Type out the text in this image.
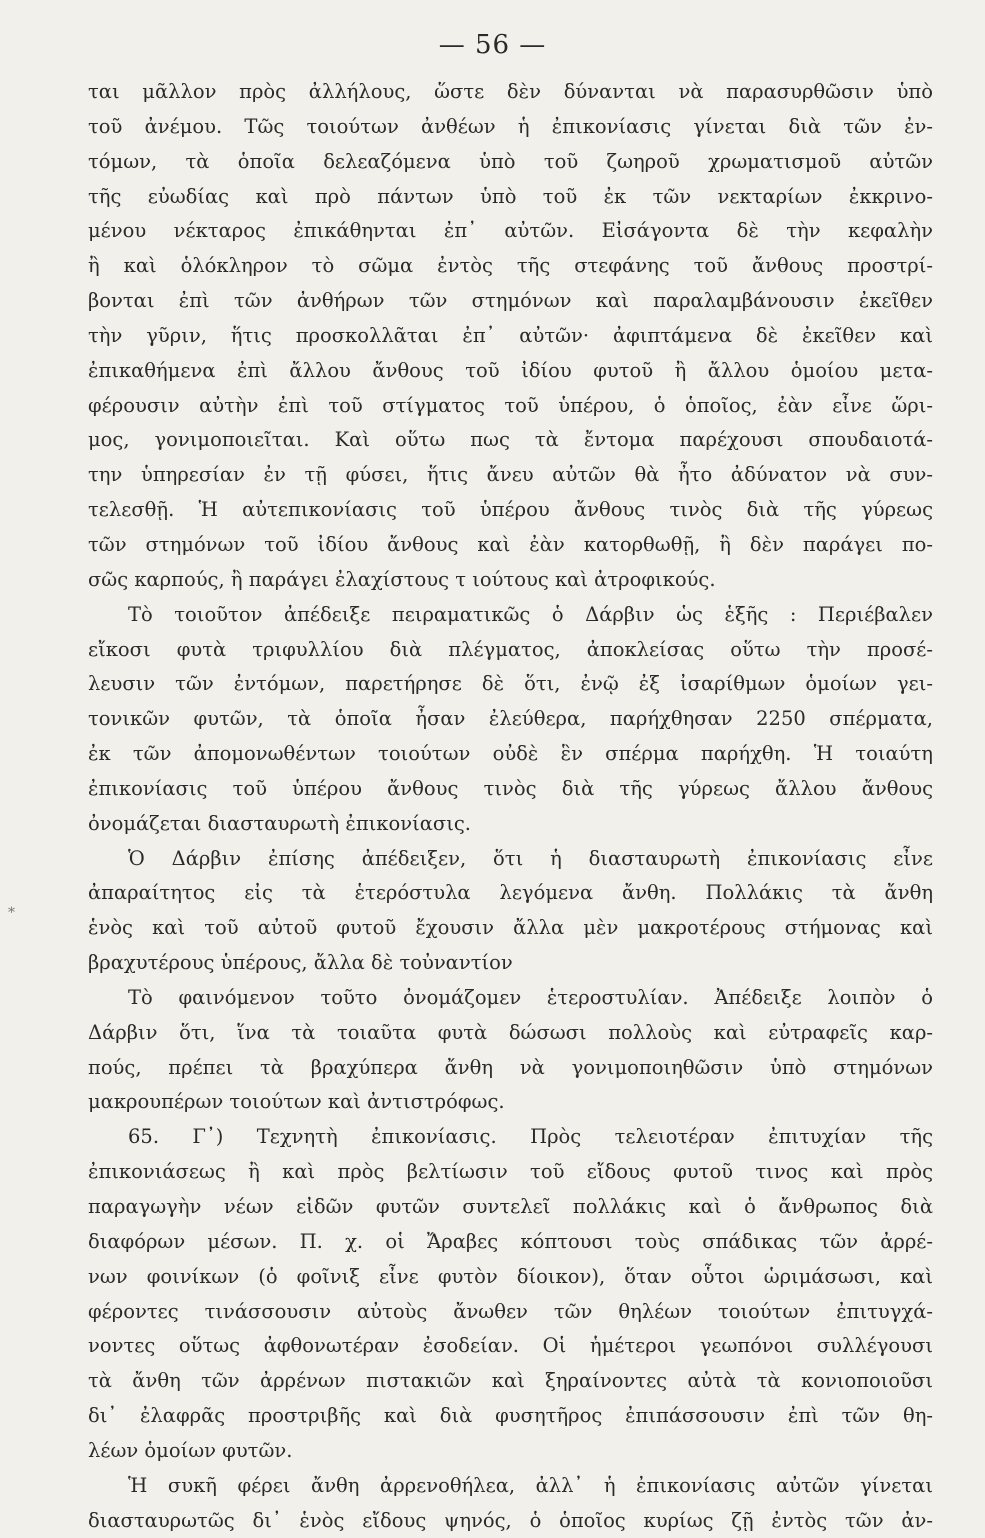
— 56 —
*
ται μᾶλλον πρὸς ἀλλήλους, ὥστε δὲν δύνανται νὰ παρασυρθῶσιν ὑπὸ
τοῦ ἀνέμου. Τῶς τοιούτων ἀνθέων ἡ ἐπικονίασις γίνεται διὰ τῶν ἐν-
τόμων, τὰ ὁποῖα δελεαζόμενα ὑπὸ τοῦ ζωηροῦ χρωματισμοῦ αὐτῶν
τῆς εὐωδίας καὶ πρὸ πάντων ὑπὸ τοῦ ἐκ τῶν νεκταρίων ἐκκρινο-
μένου νέκταρος ἐπικάθηνται ἐπ᾽ αὐτῶν. Εἰσάγοντα δὲ τὴν κεφαλὴν
ἢ καὶ ὁλόκληρον τὸ σῶμα ἐντὸς τῆς στεφάνης τοῦ ἄνθους προστρί-
βονται ἐπὶ τῶν ἀνθήρων τῶν στημόνων καὶ παραλαμβάνουσιν ἐκεῖθεν
τὴν γῦριν, ἥτις προσκολλᾶται ἐπ᾽ αὐτῶν· ἀφιπτάμενα δὲ ἐκεῖθεν καὶ
ἐπικαθήμενα ἐπὶ ἄλλου ἄνθους τοῦ ἰδίου φυτοῦ ἢ ἄλλου ὁμοίου μετα-
φέρουσιν αὐτὴν ἐπὶ τοῦ στίγματος τοῦ ὑπέρου, ὁ ὁποῖος, ἐὰν εἶνε ὥρι-
μος, γονιμοποιεῖται. Καὶ οὕτω πως τὰ ἔντομα παρέχουσι σπουδαιοτά-
την ὑπηρεσίαν ἐν τῇ φύσει, ἥτις ἄνευ αὐτῶν θὰ ἦτο ἀδύνατον νὰ συν-
τελεσθῇ. Ἡ αὐτεπικονίασις τοῦ ὑπέρου ἄνθους τινὸς διὰ τῆς γύρεως
τῶν στημόνων τοῦ ἰδίου ἄνθους καὶ ἐὰν κατορθωθῇ, ἢ δὲν παράγει πο-
σῶς καρπούς, ἢ παράγει ἐλαχίστους τ ιούτους καὶ ἀτροφικούς.
Τὸ τοιοῦτον ἀπέδειξε πειραματικῶς ὁ Δάρβιν ὡς ἑξῆς : Περιέβαλεν
εἴκοσι φυτὰ τριφυλλίου διὰ πλέγματος, ἀποκλείσας οὕτω τὴν προσέ-
λευσιν τῶν ἐντόμων, παρετήρησε δὲ ὅτι, ἐνῷ ἐξ ἰσαρίθμων ὁμοίων γει-
τονικῶν φυτῶν, τὰ ὁποῖα ἦσαν ἐλεύθερα, παρήχθησαν 2250 σπέρματα,
ἐκ τῶν ἀπομονωθέντων τοιούτων οὐδὲ ἓν σπέρμα παρήχθη. Ἡ τοιαύτη
ἐπικονίασις τοῦ ὑπέρου ἄνθους τινὸς διὰ τῆς γύρεως ἄλλου ἄνθους
ὀνομάζεται διασταυρωτὴ ἐπικονίασις.
Ὁ Δάρβιν ἐπίσης ἀπέδειξεν, ὅτι ἡ διασταυρωτὴ ἐπικονίασις εἶνε
ἀπαραίτητος εἰς τὰ ἑτερόστυλα λεγόμενα ἄνθη. Πολλάκις τὰ ἄνθη
ἑνὸς καὶ τοῦ αὐτοῦ φυτοῦ ἔχουσιν ἄλλα μὲν μακροτέρους στήμονας καὶ
βραχυτέρους ὑπέρους, ἄλλα δὲ τοὐναντίον
Τὸ φαινόμενον τοῦτο ὀνομάζομεν ἑτεροστυλίαν. Ἀπέδειξε λοιπὸν ὁ
Δάρβιν ὅτι, ἵνα τὰ τοιαῦτα φυτὰ δώσωσι πολλοὺς καὶ εὐτραφεῖς καρ-
πούς, πρέπει τὰ βραχύπερα ἄνθη νὰ γονιμοποιηθῶσιν ὑπὸ στημόνων
μακρουπέρων τοιούτων καὶ ἀντιστρόφως.
65. Γ᾽) Τεχνητὴ ἐπικονίασις. Πρὸς τελειοτέραν ἐπιτυχίαν τῆς
ἐπικονιάσεως ἢ καὶ πρὸς βελτίωσιν τοῦ εἴδους φυτοῦ τινος καὶ πρὸς
παραγωγὴν νέων εἰδῶν φυτῶν συντελεῖ πολλάκις καὶ ὁ ἄνθρωπος διὰ
διαφόρων μέσων. Π. χ. οἱ Ἄραβες κόπτουσι τοὺς σπάδικας τῶν ἀρρέ-
νων φοινίκων (ὁ φοῖνιξ εἶνε φυτὸν δίοικον), ὅταν οὗτοι ὡριμάσωσι, καὶ
φέροντες τινάσσουσιν αὐτοὺς ἄνωθεν τῶν θηλέων τοιούτων ἐπιτυγχά-
νοντες οὕτως ἀφθονωτέραν ἐσοδείαν. Οἱ ἡμέτεροι γεωπόνοι συλλέγουσι
τὰ ἄνθη τῶν ἀρρένων πιστακιῶν καὶ ξηραίνοντες αὐτὰ τὰ κονιοποιοῦσι
δι᾽ ἐλαφρᾶς προστριβῆς καὶ διὰ φυσητῆρος ἐπιπάσσουσιν ἐπὶ τῶν θη-
λέων ὁμοίων φυτῶν.
Ἡ συκῆ φέρει ἄνθη ἀρρενοθήλεα, ἀλλ᾽ ἡ ἐπικονίασις αὐτῶν γίνεται
διασταυρωτῶς δι᾽ ἑνὸς εἴδους ψηνός, ὁ ὁποῖος κυρίως ζῇ ἐντὸς τῶν ἀν-
